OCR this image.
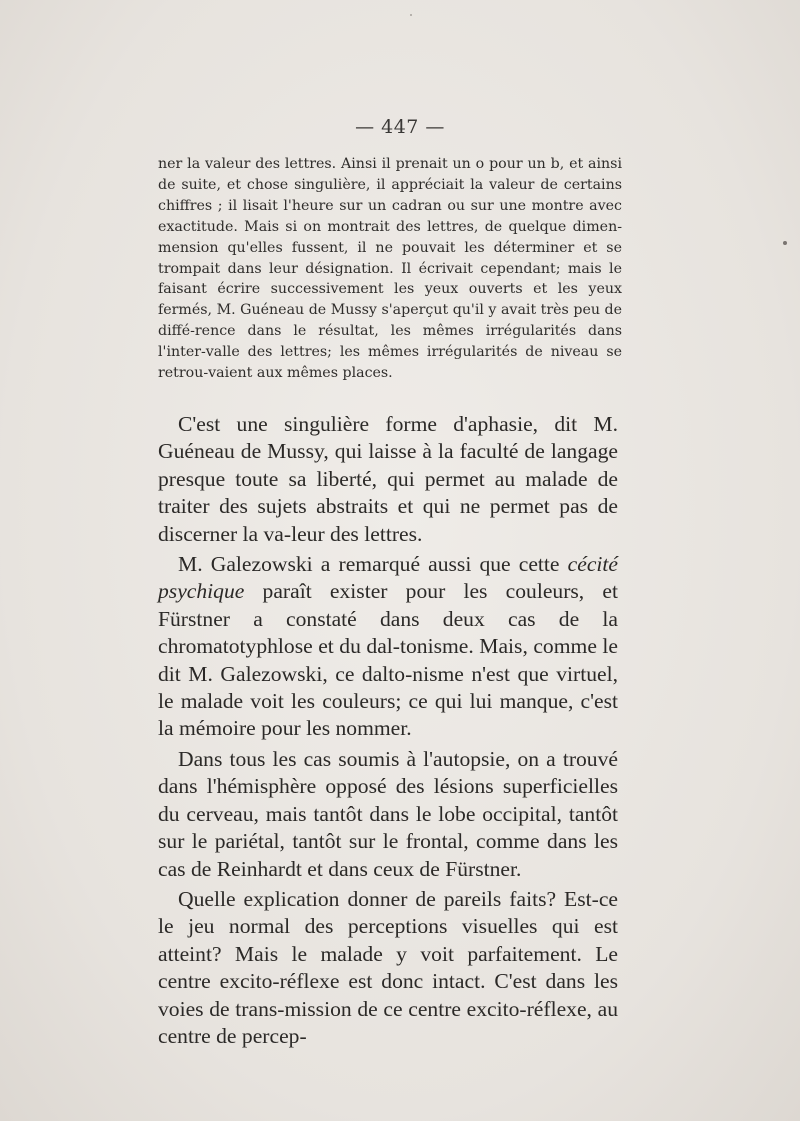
— 447 —

ner la valeur des lettres. Ainsi il prenait un o pour un b, et ainsi de suite, et chose singulière, il appréciait la valeur de certains chiffres ; il lisait l'heure sur un cadran ou sur une montre avec exactitude. Mais si on montrait des lettres, de quelque dimen-mension qu'elles fussent, il ne pouvait les déterminer et se trompait dans leur désignation. Il écrivait cependant; mais le faisant écrire successivement les yeux ouverts et les yeux fermés, M. Guéneau de Mussy s'aperçut qu'il y avait très peu de diffé-rence dans le résultat, les mêmes irrégularités dans l'inter-valle des lettres; les mêmes irrégularités de niveau se retrou-vaient aux mêmes places.

C'est une singulière forme d'aphasie, dit M. Guéneau de Mussy, qui laisse à la faculté de langage presque toute sa liberté, qui permet au malade de traiter des sujets abstraits et qui ne permet pas de discerner la va-leur des lettres.

M. Galezowski a remarqué aussi que cette cécité psychique paraît exister pour les couleurs, et Fürstner a constaté dans deux cas de la chromatotyphlose et du dal-tonisme. Mais, comme le dit M. Galezowski, ce dalto-nisme n'est que virtuel, le malade voit les couleurs; ce qui lui manque, c'est la mémoire pour les nommer.

Dans tous les cas soumis à l'autopsie, on a trouvé dans l'hémisphère opposé des lésions superficielles du cerveau, mais tantôt dans le lobe occipital, tantôt sur le pariétal, tantôt sur le frontal, comme dans les cas de Reinhardt et dans ceux de Fürstner.

Quelle explication donner de pareils faits? Est-ce le jeu normal des perceptions visuelles qui est atteint? Mais le malade y voit parfaitement. Le centre excito-réflexe est donc intact. C'est dans les voies de trans-mission de ce centre excito-réflexe, au centre de percep-
